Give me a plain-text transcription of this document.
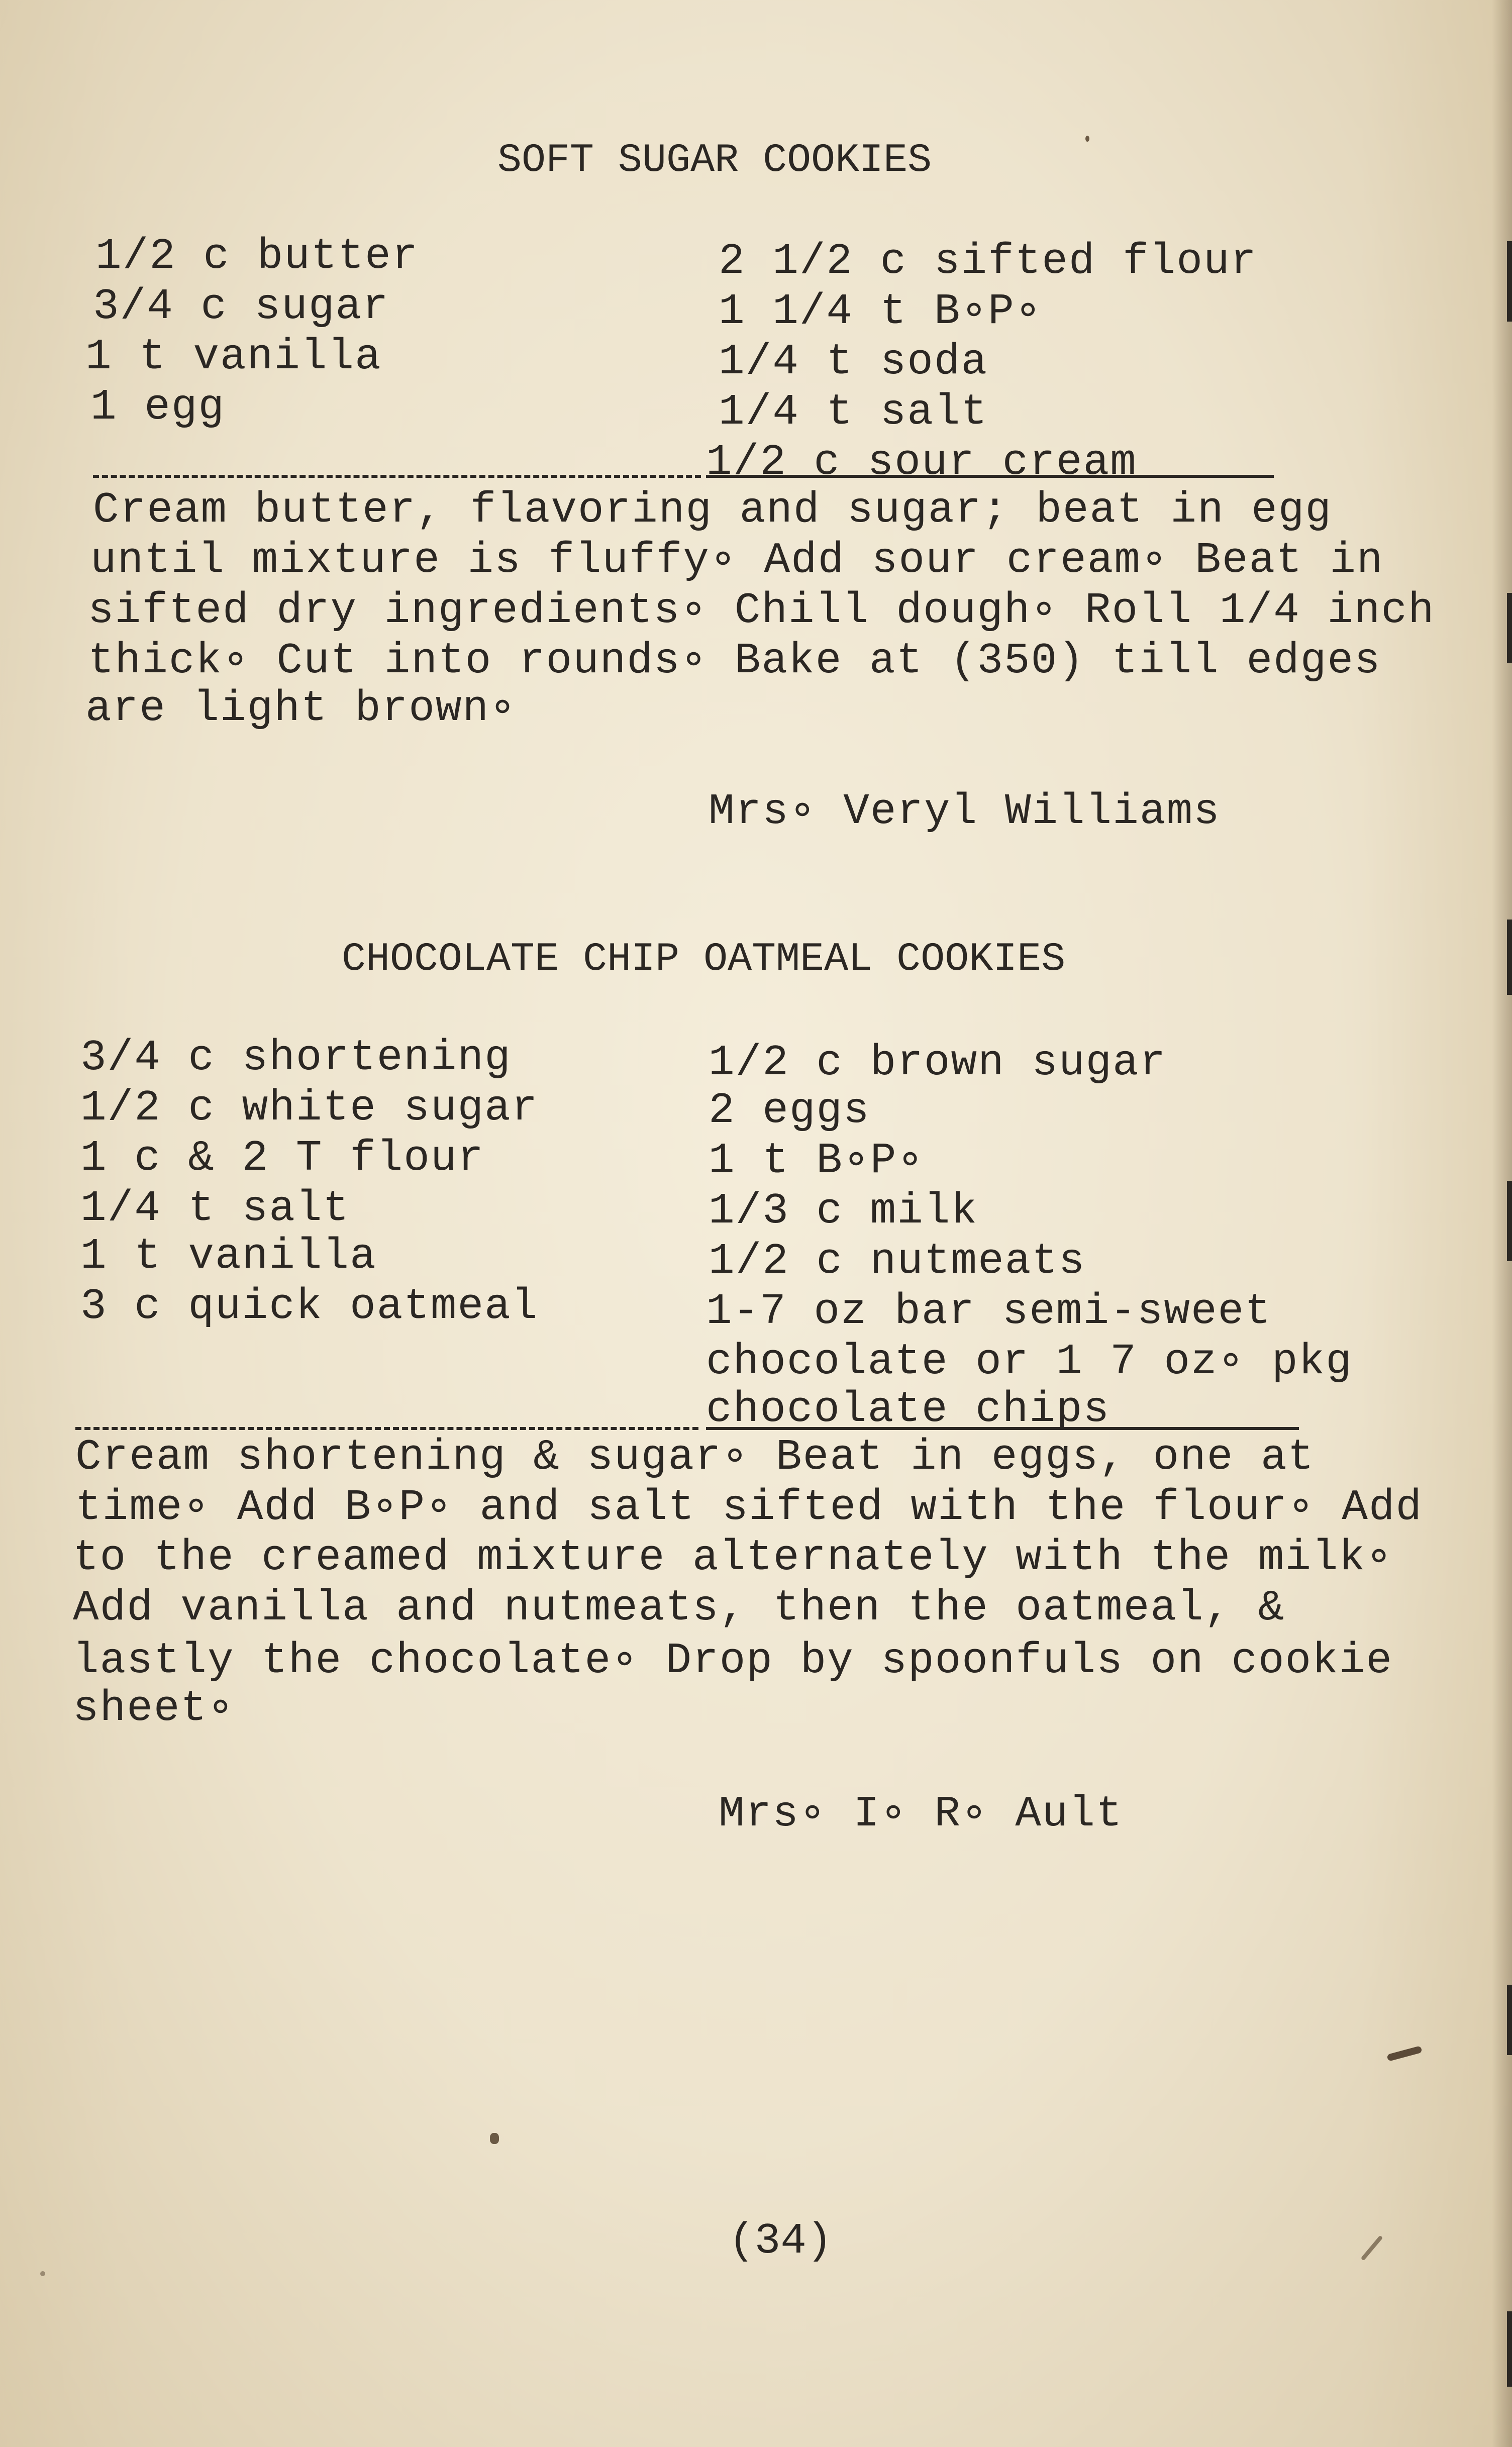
SOFT SUGAR COOKIES
1/2 c butter
3/4 c sugar
1 t vanilla
1 egg
2 1/2 c sifted flour
1 1/4 t B∘P∘
1/4 t soda
1/4 t salt
1/2 c sour cream
Cream butter, flavoring and sugar; beat in egg
until mixture is fluffy∘ Add sour cream∘ Beat in
sifted dry ingredients∘ Chill dough∘ Roll 1/4 inch
thick∘ Cut into rounds∘ Bake at (350) till edges
are light brown∘
Mrs∘ Veryl Williams
CHOCOLATE CHIP OATMEAL COOKIES
3/4 c shortening
1/2 c white sugar
1 c & 2 T flour
1/4 t salt
1 t vanilla
3 c quick oatmeal
1/2 c brown sugar
2 eggs
1 t B∘P∘
1/3 c milk
1/2 c nutmeats
1-7 oz bar semi-sweet
chocolate or 1 7 oz∘ pkg
chocolate chips
Cream shortening & sugar∘ Beat in eggs, one at
time∘ Add B∘P∘ and salt sifted with the flour∘ Add
to the creamed mixture alternately with the milk∘
Add vanilla and nutmeats, then the oatmeal, &
lastly the chocolate∘ Drop by spoonfuls on cookie
sheet∘
Mrs∘ I∘ R∘ Ault
(34)
